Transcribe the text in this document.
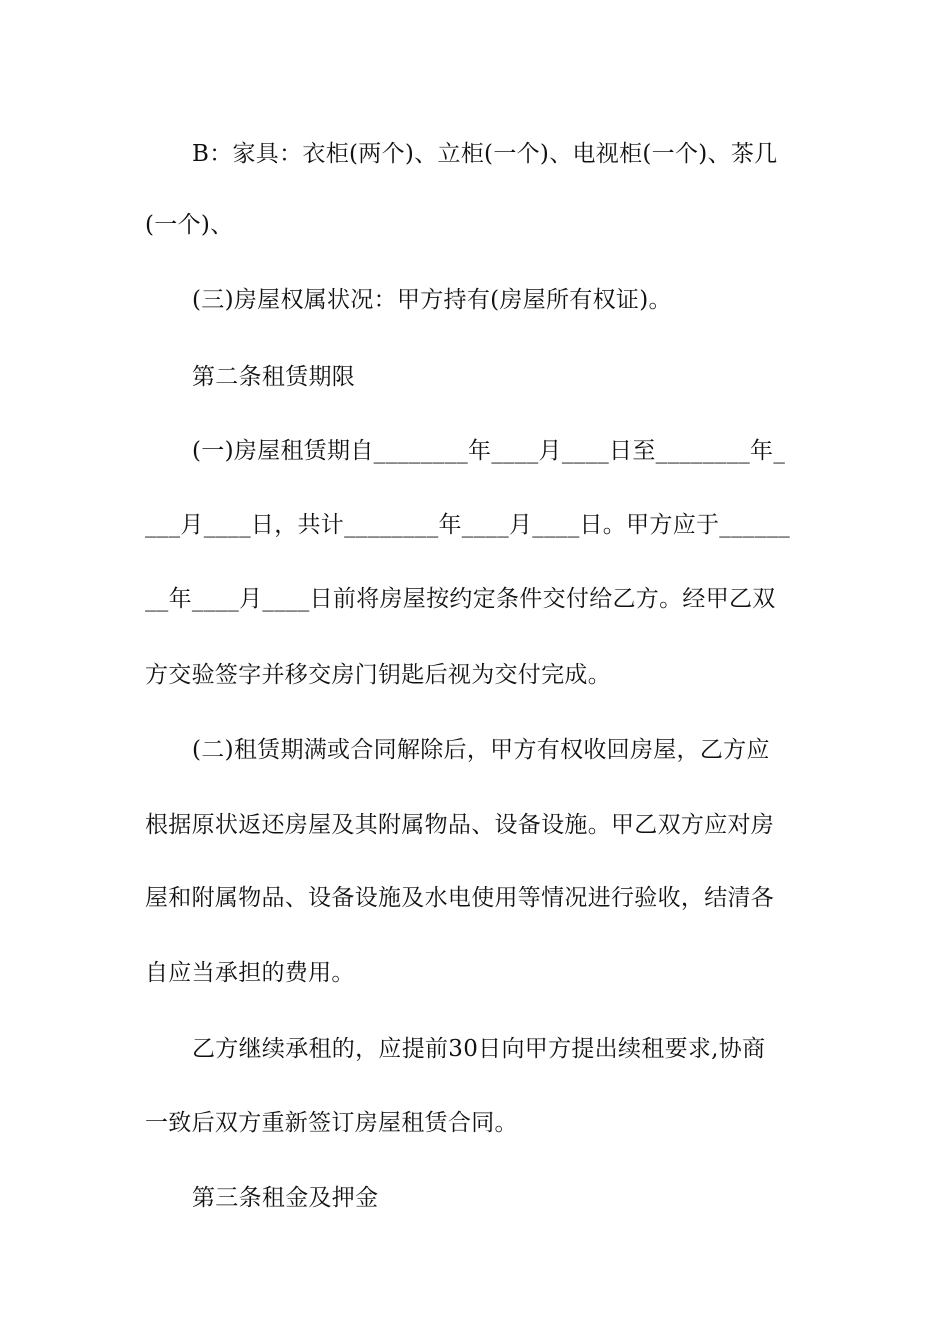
B：家具：衣柜(两个)、立柜(一个)、电视柜(一个)、茶几
(一个)、
(三)房屋权属状况：甲方持有(房屋所有权证)。
第二条租赁期限
(一)房屋租赁期自________年____月____日至________年_
___月____日，共计________年____月____日。甲方应于______
__年____月____日前将房屋按约定条件交付给乙方。经甲乙双
方交验签字并移交房门钥匙后视为交付完成。
(二)租赁期满或合同解除后，甲方有权收回房屋，乙方应
根据原状返还房屋及其附属物品、设备设施。甲乙双方应对房
屋和附属物品、设备设施及水电使用等情况进行验收，结清各
自应当承担的费用。
乙方继续承租的，应提前30日向甲方提出续租要求,协商
一致后双方重新签订房屋租赁合同。
第三条租金及押金
